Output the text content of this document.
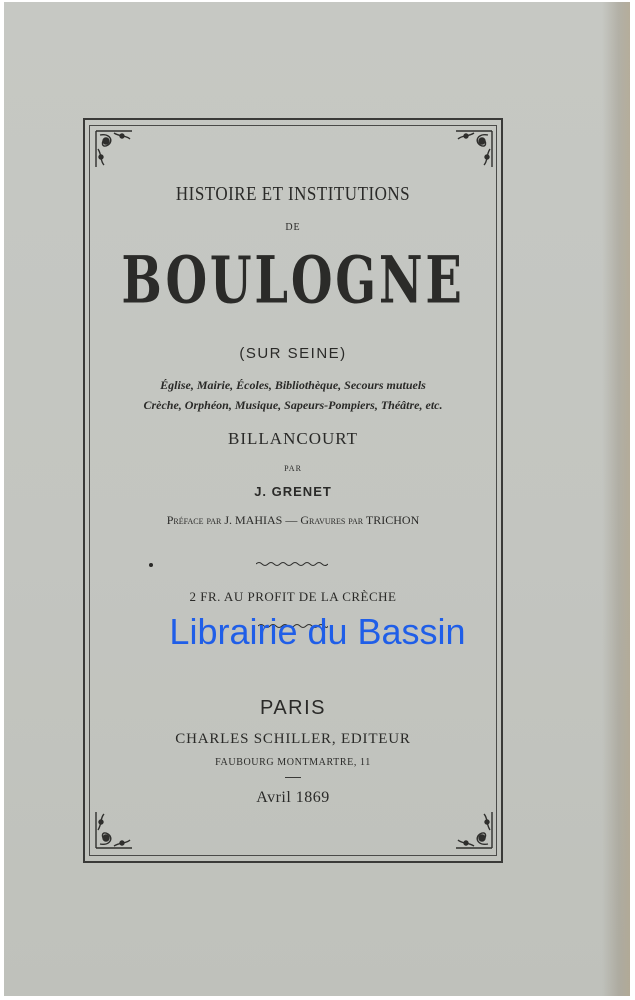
HISTOIRE ET INSTITUTIONS
DE
BOULOGNE
(SUR SEINE)
Église, Mairie, Écoles, Bibliothèque, Secours mutuels
Crèche, Orphéon, Musique, Sapeurs-Pompiers, Théâtre, etc.
BILLANCOURT
PAR
J. GRENET
Préface par J. MAHIAS — Gravures par TRICHON
2 FR. AU PROFIT DE LA CRÈCHE
PARIS
CHARLES SCHILLER, EDITEUR
FAUBOURG MONTMARTRE, 11
Avril 1869
Librairie du Bassin
